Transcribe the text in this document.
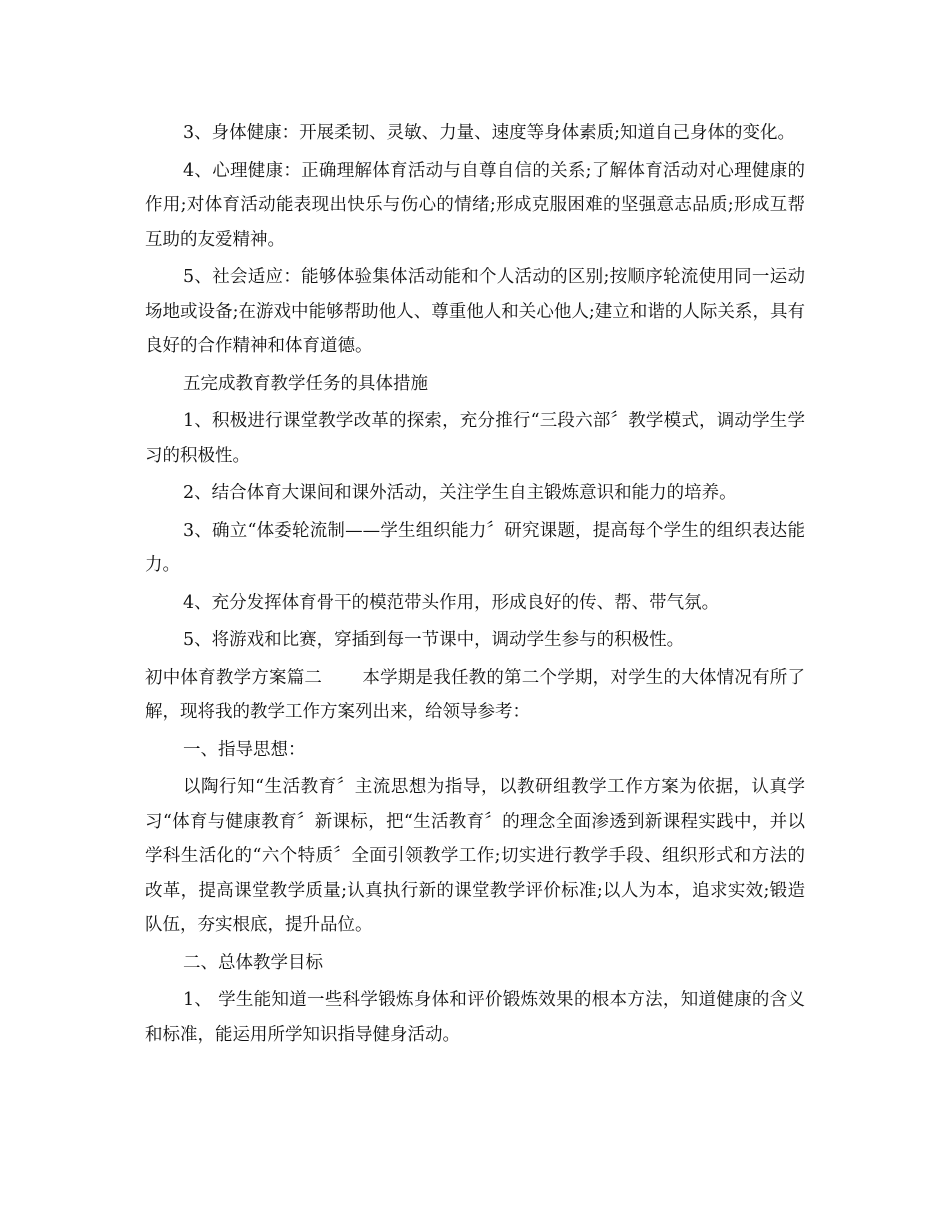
3、身体健康：开展柔韧、灵敏、力量、速度等身体素质;知道自己身体的变化。

4、心理健康：正确理解体育活动与自尊自信的关系;了解体育活动对心理健康的作用;对体育活动能表现出快乐与伤心的情绪;形成克服困难的坚强意志品质;形成互帮互助的友爱精神。

5、社会适应：能够体验集体活动能和个人活动的区别;按顺序轮流使用同一运动场地或设备;在游戏中能够帮助他人、尊重他人和关心他人;建立和谐的人际关系，具有良好的合作精神和体育道德。

五完成教育教学任务的具体措施

1、积极进行课堂教学改革的探索，充分推行“三段六部〞教学模式，调动学生学习的积极性。

2、结合体育大课间和课外活动，关注学生自主锻炼意识和能力的培养。

3、确立“体委轮流制——学生组织能力〞研究课题，提高每个学生的组织表达能力。

4、充分发挥体育骨干的模范带头作用，形成良好的传、帮、带气氛。

5、将游戏和比赛，穿插到每一节课中，调动学生参与的积极性。

初中体育教学方案篇二 本学期是我任教的第二个学期，对学生的大体情况有所了解，现将我的教学工作方案列出来，给领导参考：

一、指导思想：

以陶行知“生活教育〞主流思想为指导，以教研组教学工作方案为依据，认真学习“体育与健康教育〞新课标，把“生活教育〞的理念全面渗透到新课程实践中，并以学科生活化的“六个特质〞全面引领教学工作;切实进行教学手段、组织形式和方法的改革，提高课堂教学质量;认真执行新的课堂教学评价标准;以人为本，追求实效;锻造队伍，夯实根底，提升品位。

二、总体教学目标

1、 学生能知道一些科学锻炼身体和评价锻炼效果的根本方法，知道健康的含义和标准，能运用所学知识指导健身活动。
